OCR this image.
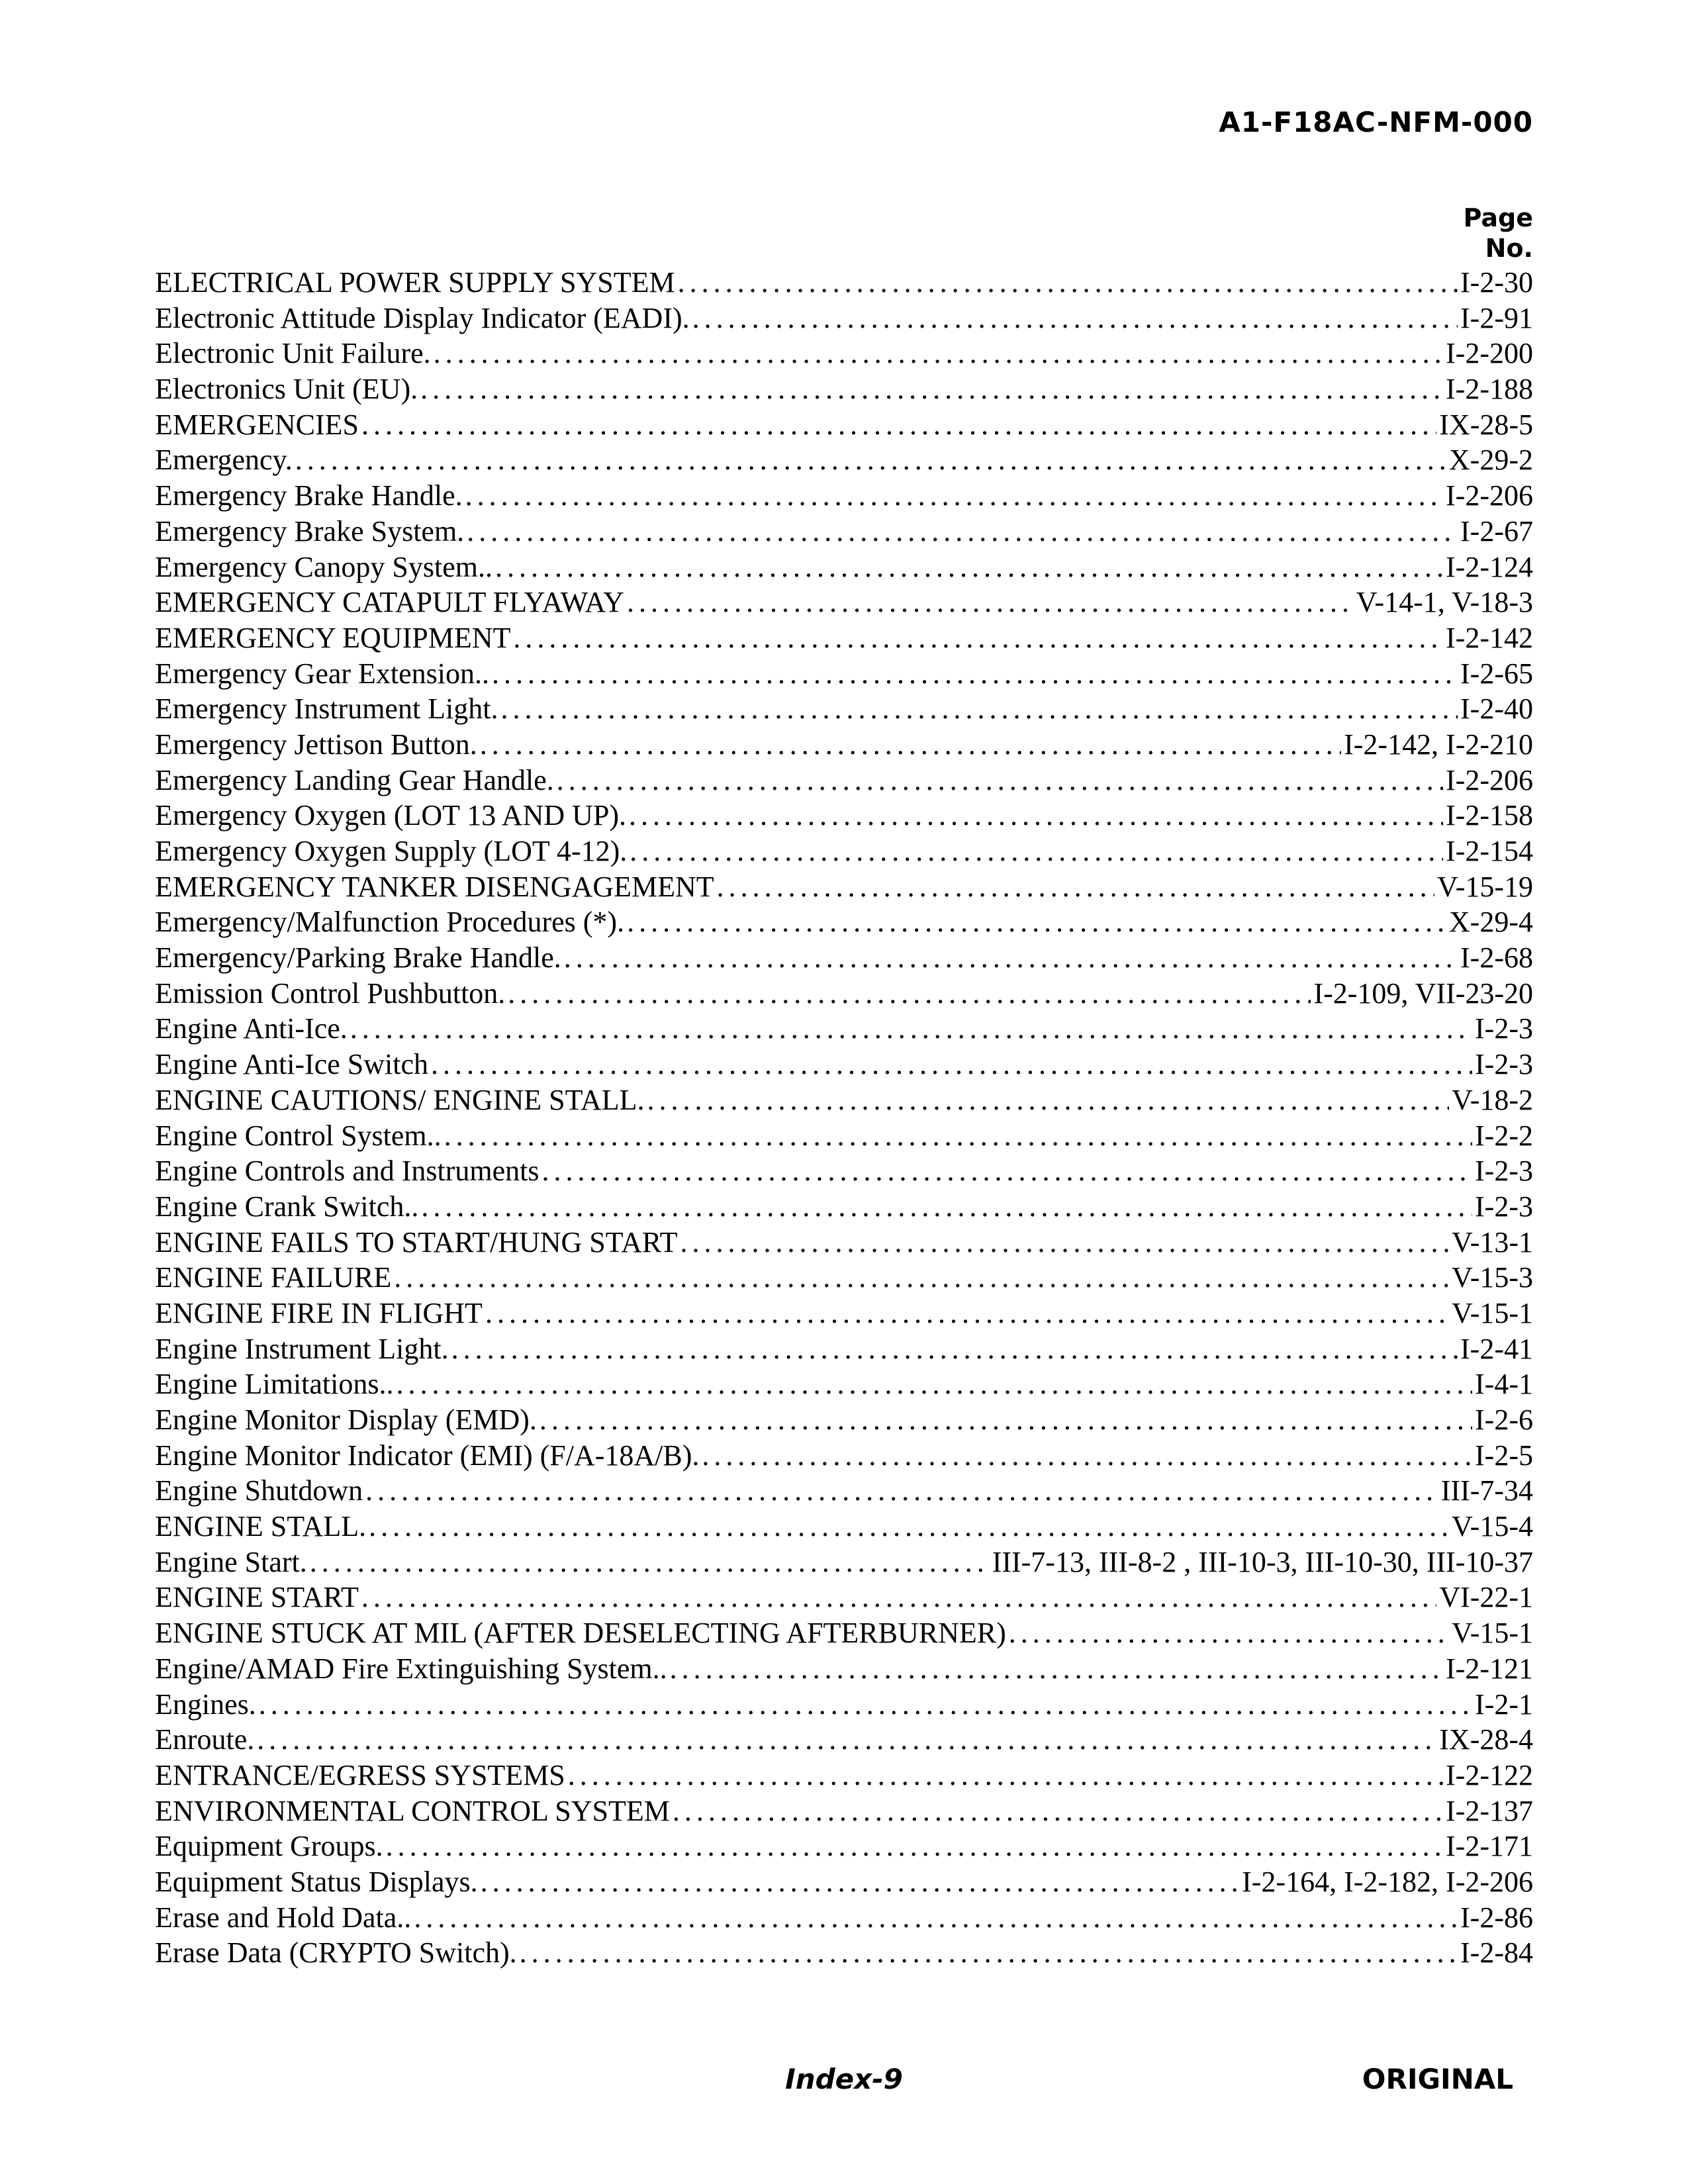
A1-F18AC-NFM-000
Page
No.
ELECTRICAL POWER SUPPLY SYSTEM .....	I-2-30
Electronic Attitude Display Indicator (EADI). .....	I-2-91
Electronic Unit Failure. .....	I-2-200
Electronics Unit (EU). .....	I-2-188
EMERGENCIES .....	IX-28-5
Emergency. .....	X-29-2
Emergency Brake Handle. .....	I-2-206
Emergency Brake System. .....	I-2-67
Emergency Canopy System.. .....	I-2-124
EMERGENCY CATAPULT FLYAWAY .....	V-14-1, V-18-3
EMERGENCY EQUIPMENT .....	I-2-142
Emergency Gear Extension.. .....	I-2-65
Emergency Instrument Light. .....	I-2-40
Emergency Jettison Button. .....	I-2-142, I-2-210
Emergency Landing Gear Handle. .....	I-2-206
Emergency Oxygen (LOT 13 AND UP). .....	I-2-158
Emergency Oxygen Supply (LOT 4-12). .....	I-2-154
EMERGENCY TANKER DISENGAGEMENT .....	V-15-19
Emergency/Malfunction Procedures (*). .....	X-29-4
Emergency/Parking Brake Handle. .....	I-2-68
Emission Control Pushbutton. .....	I-2-109, VII-23-20
Engine Anti-Ice. .....	I-2-3
Engine Anti-Ice Switch .....	I-2-3
ENGINE CAUTIONS/ ENGINE STALL. .....	V-18-2
Engine Control System.. .....	I-2-2
Engine Controls and Instruments .....	I-2-3
Engine Crank Switch.. .....	I-2-3
ENGINE FAILS TO START/HUNG START .....	V-13-1
ENGINE FAILURE .....	V-15-3
ENGINE FIRE IN FLIGHT .....	V-15-1
Engine Instrument Light. .....	I-2-41
Engine Limitations.. .....	I-4-1
Engine Monitor Display (EMD). .....	I-2-6
Engine Monitor Indicator (EMI) (F/A-18A/B). .....	I-2-5
Engine Shutdown .....	III-7-34
ENGINE STALL. .....	V-15-4
Engine Start. .....	III-7-13, III-8-2 , III-10-3, III-10-30, III-10-37
ENGINE START .....	VI-22-1
ENGINE STUCK AT MIL (AFTER DESELECTING AFTERBURNER) .....	V-15-1
Engine/AMAD Fire Extinguishing System.. .....	I-2-121
Engines. .....	I-2-1
Enroute. .....	IX-28-4
ENTRANCE/EGRESS SYSTEMS .....	I-2-122
ENVIRONMENTAL CONTROL SYSTEM .....	I-2-137
Equipment Groups. .....	I-2-171
Equipment Status Displays. .....	I-2-164, I-2-182, I-2-206
Erase and Hold Data.. .....	I-2-86
Erase Data (CRYPTO Switch). .....	I-2-84
Index-9	ORIGINAL
